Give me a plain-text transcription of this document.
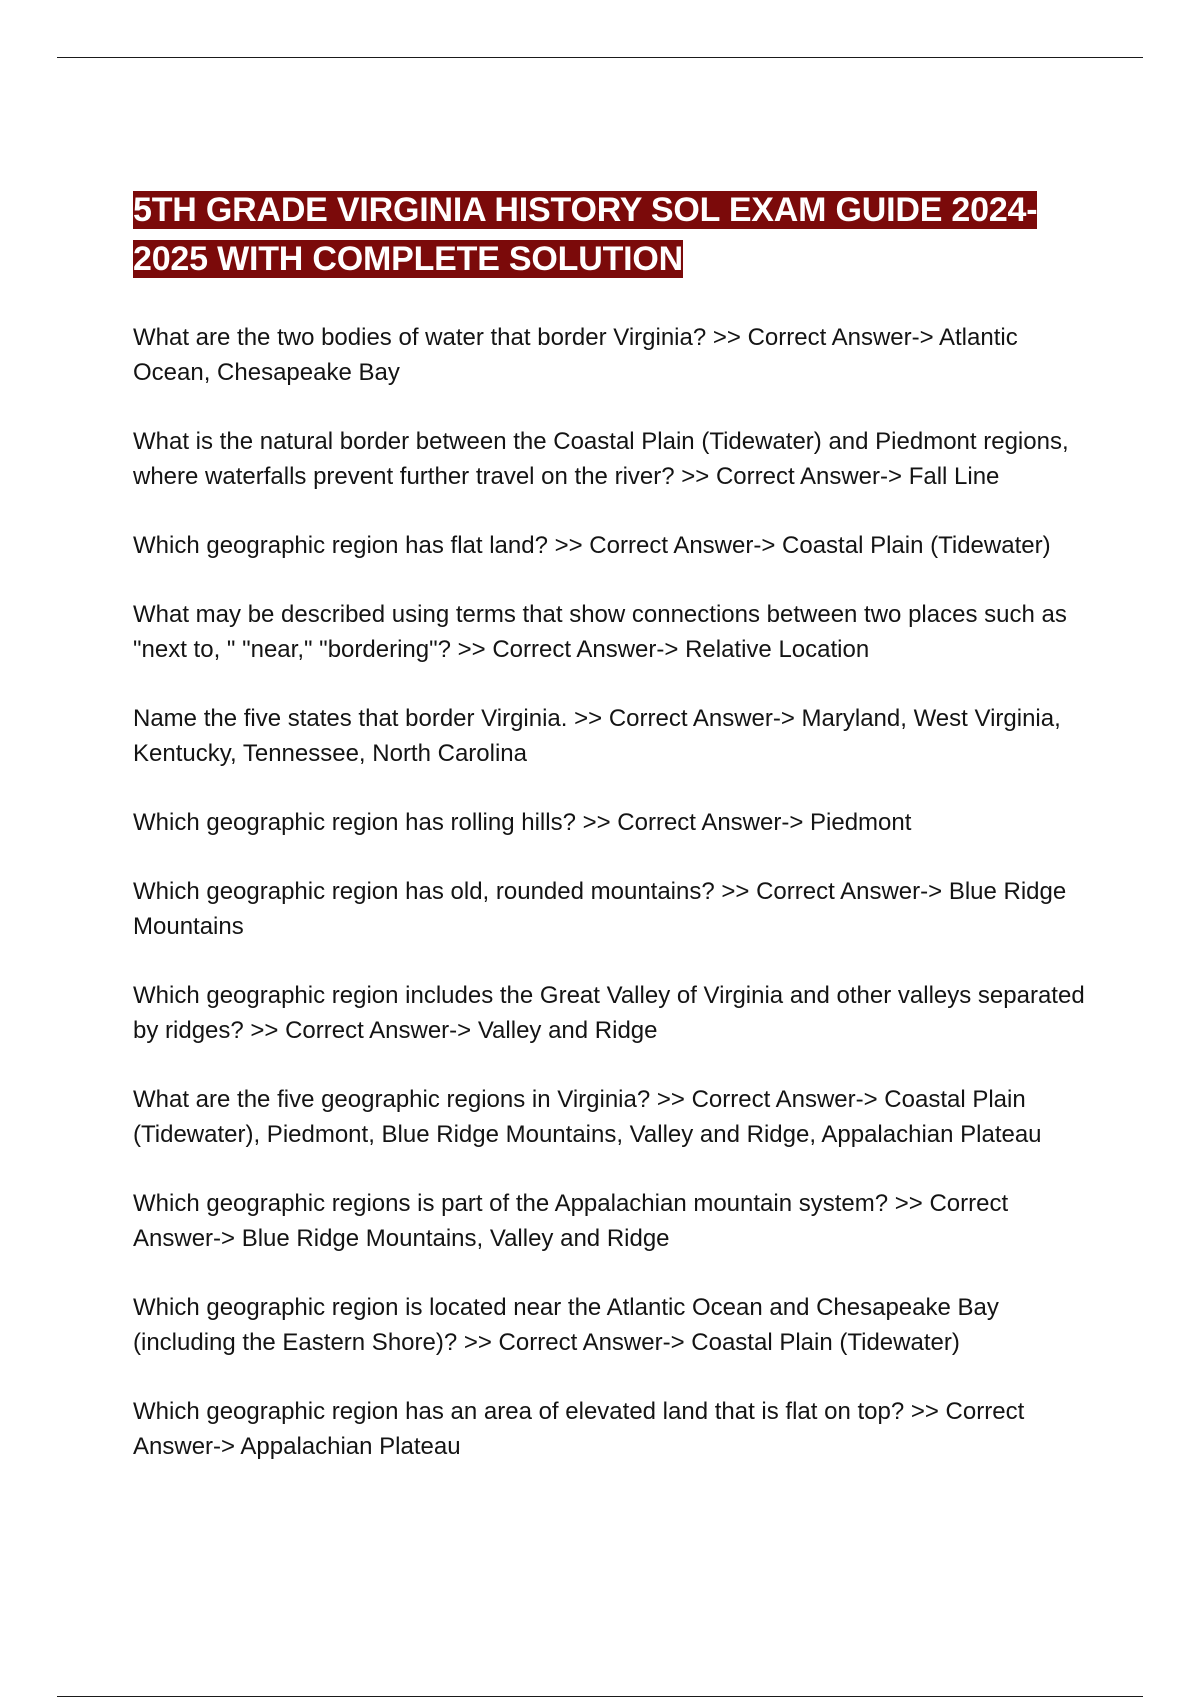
5TH GRADE VIRGINIA HISTORY SOL EXAM GUIDE 2024-2025 WITH COMPLETE SOLUTION

What are the two bodies of water that border Virginia? >> Correct Answer-> Atlantic Ocean, Chesapeake Bay

What is the natural border between the Coastal Plain (Tidewater) and Piedmont regions, where waterfalls prevent further travel on the river? >> Correct Answer-> Fall Line

Which geographic region has flat land? >> Correct Answer-> Coastal Plain (Tidewater)

What may be described using terms that show connections between two places such as "next to, " "near," "bordering"? >> Correct Answer-> Relative Location

Name the five states that border Virginia. >> Correct Answer-> Maryland, West Virginia, Kentucky, Tennessee, North Carolina

Which geographic region has rolling hills? >> Correct Answer-> Piedmont

Which geographic region has old, rounded mountains? >> Correct Answer-> Blue Ridge Mountains

Which geographic region includes the Great Valley of Virginia and other valleys separated by ridges? >> Correct Answer-> Valley and Ridge

What are the five geographic regions in Virginia? >> Correct Answer-> Coastal Plain (Tidewater), Piedmont, Blue Ridge Mountains, Valley and Ridge, Appalachian Plateau

Which geographic regions is part of the Appalachian mountain system? >> Correct Answer-> Blue Ridge Mountains, Valley and Ridge

Which geographic region is located near the Atlantic Ocean and Chesapeake Bay (including the Eastern Shore)? >> Correct Answer-> Coastal Plain (Tidewater)

Which geographic region has an area of elevated land that is flat on top? >> Correct Answer-> Appalachian Plateau
